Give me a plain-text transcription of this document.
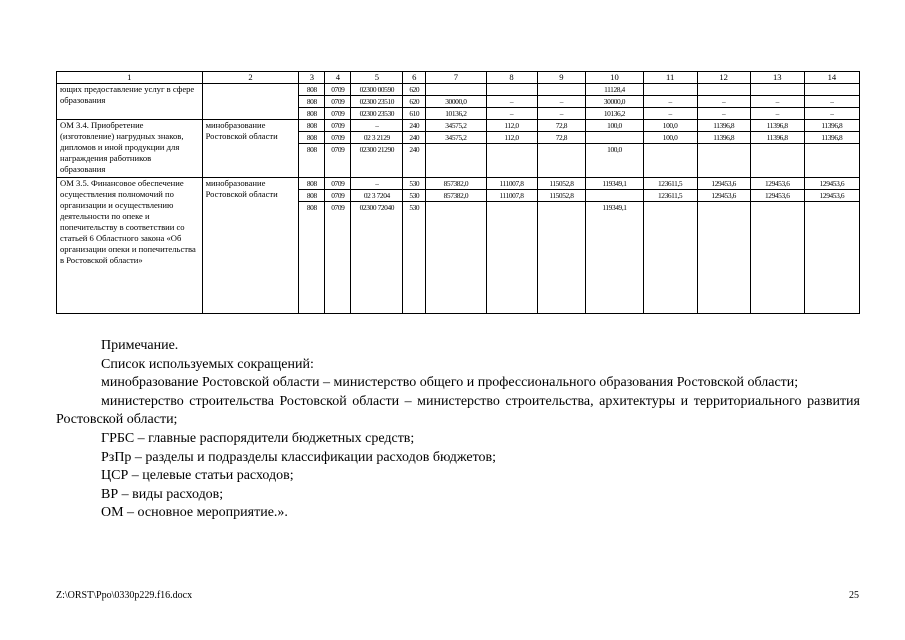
1	2	3	4	5	6	7	8	9	10	11	12	13	14
ющих предоставление услуг в сфере образования		808	0709	02300 00590	620				11128,4				
		808	0709	02300 23510	620	30000,0	–	–	30000,0	–	–	–	–
		808	0709	02300 23530	610	10136,2	–	–	10136,2	–	–	–	–
ОМ 3.4. Приобретение (изготовление) нагрудных знаков, дипломов и иной продукции для награждения работников образования	минобразование Ростовской области	808	0709	–	240	34575,2	112,0	72,8	100,0	100,0	11396,8	11396,8	11396,8
		808	0709	02 3 2129	240	34575,2	112,0	72,8		100,0	11396,8	11396,8	11396,8
		808	0709	02300 21290	240				100,0				
ОМ 3.5. Финансовое обеспечение осуществления полномочий по организации и осуществлению деятельности по опеке и попечительству в соответствии со статьей 6 Областного закона «Об организации опеки и попечительства в Ростовской области»	минобразование Ростовской области	808	0709	–	530	857382,0	111007,8	115052,8	119349,1	123611,5	129453,6	129453,6	129453,6
		808	0709	02 3 7204	530	857382,0	111007,8	115052,8		123611,5	129453,6	129453,6	129453,6
		808	0709	02300 72040	530				119349,1				

Примечание.

Список используемых сокращений:

минобразование Ростовской области – министерство общего и профессионального образования Ростовской области;

министерство строительства Ростовской области – министерство строительства, архитектуры и территориального развития Ростовской области;

ГРБС – главные распорядители бюджетных средств;

РзПр – разделы и подразделы классификации расходов бюджетов;

ЦСР – целевые статьи расходов;

ВР – виды расходов;

ОМ – основное мероприятие.».

Z:\ORST\Ppo\0330p229.f16.docx	25
